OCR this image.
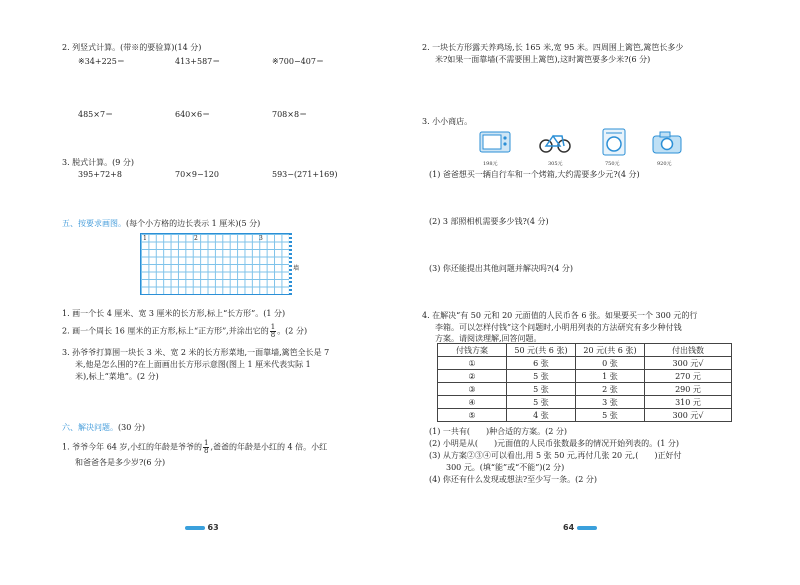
2. 列竖式计算。(带※的要验算)(14 分)
※34+225＝	413+587＝	※700−407＝
485×7＝	640×6＝	708×8＝
3. 脱式计算。(9 分)
395+72+8	70×9−120	593−(271+169)
五、按要求画图。(每个小方格的边长表示 1 厘米)(5 分)
1	2	3
墙
1. 画一个长 4 厘米、宽 3 厘米的长方形,标上“长方形”。(1 分)
2. 画一个周长 16 厘米的正方形,标上“正方形”,并涂出它的 $\frac{1}{8}$ 。(2 分)
3. 孙爷爷打算围一块长 3 米、宽 2 米的长方形菜地,一面靠墙,篱笆全长是 7
米,他是怎么围的?在上面画出长方形示意图(图上 1 厘米代表实际 1
米),标上“菜地”。(2 分)
六、解决问题。(30 分)
1. 爷爷今年 64 岁,小红的年龄是爷爷的 $\frac{1}{8}$ ,爸爸的年龄是小红的 4 倍。小红
和爸爸各是多少岁?(6 分)
63
2. 一块长方形露天养鸡场,长 165 米,宽 95 米。四周围上篱笆,篱笆长多少
米?如果一面靠墙(不需要围上篱笆),这时篱笆要多少米?(6 分)
3. 小小商店。
198元	305元	750元	920元
(1) 爸爸想买一辆自行车和一个烤箱,大约需要多少元?(4 分)
(2) 3 部照相机需要多少钱?(4 分)
(3) 你还能提出其他问题并解决吗?(4 分)
4. 在解决“有 50 元和 20 元面值的人民币各 6 张。如果要买一个 300 元的行
李箱。可以怎样付钱”这个问题时,小明用列表的方法研究有多少种付钱
方案。请阅读理解,回答问题。
付钱方案	50 元(共 6 张)	20 元(共 6 张)	付出钱数
①	6 张	0 张	300 元√
②	5 张	1 张	270 元
③	5 张	2 张	290 元
④	5 张	3 张	310 元
⑤	4 张	5 张	300 元√
(1) 一共有(　　)种合适的方案。(2 分)
(2) 小明是从(　　)元面值的人民币张数最多的情况开始列表的。(1 分)
(3) 从方案②③④可以看出,用 5 张 50 元,再付几张 20 元,(　　)正好付
300 元。(填“能”或“不能”)(2 分)
(4) 你还有什么发现或想法?至少写一条。(2 分)
64
